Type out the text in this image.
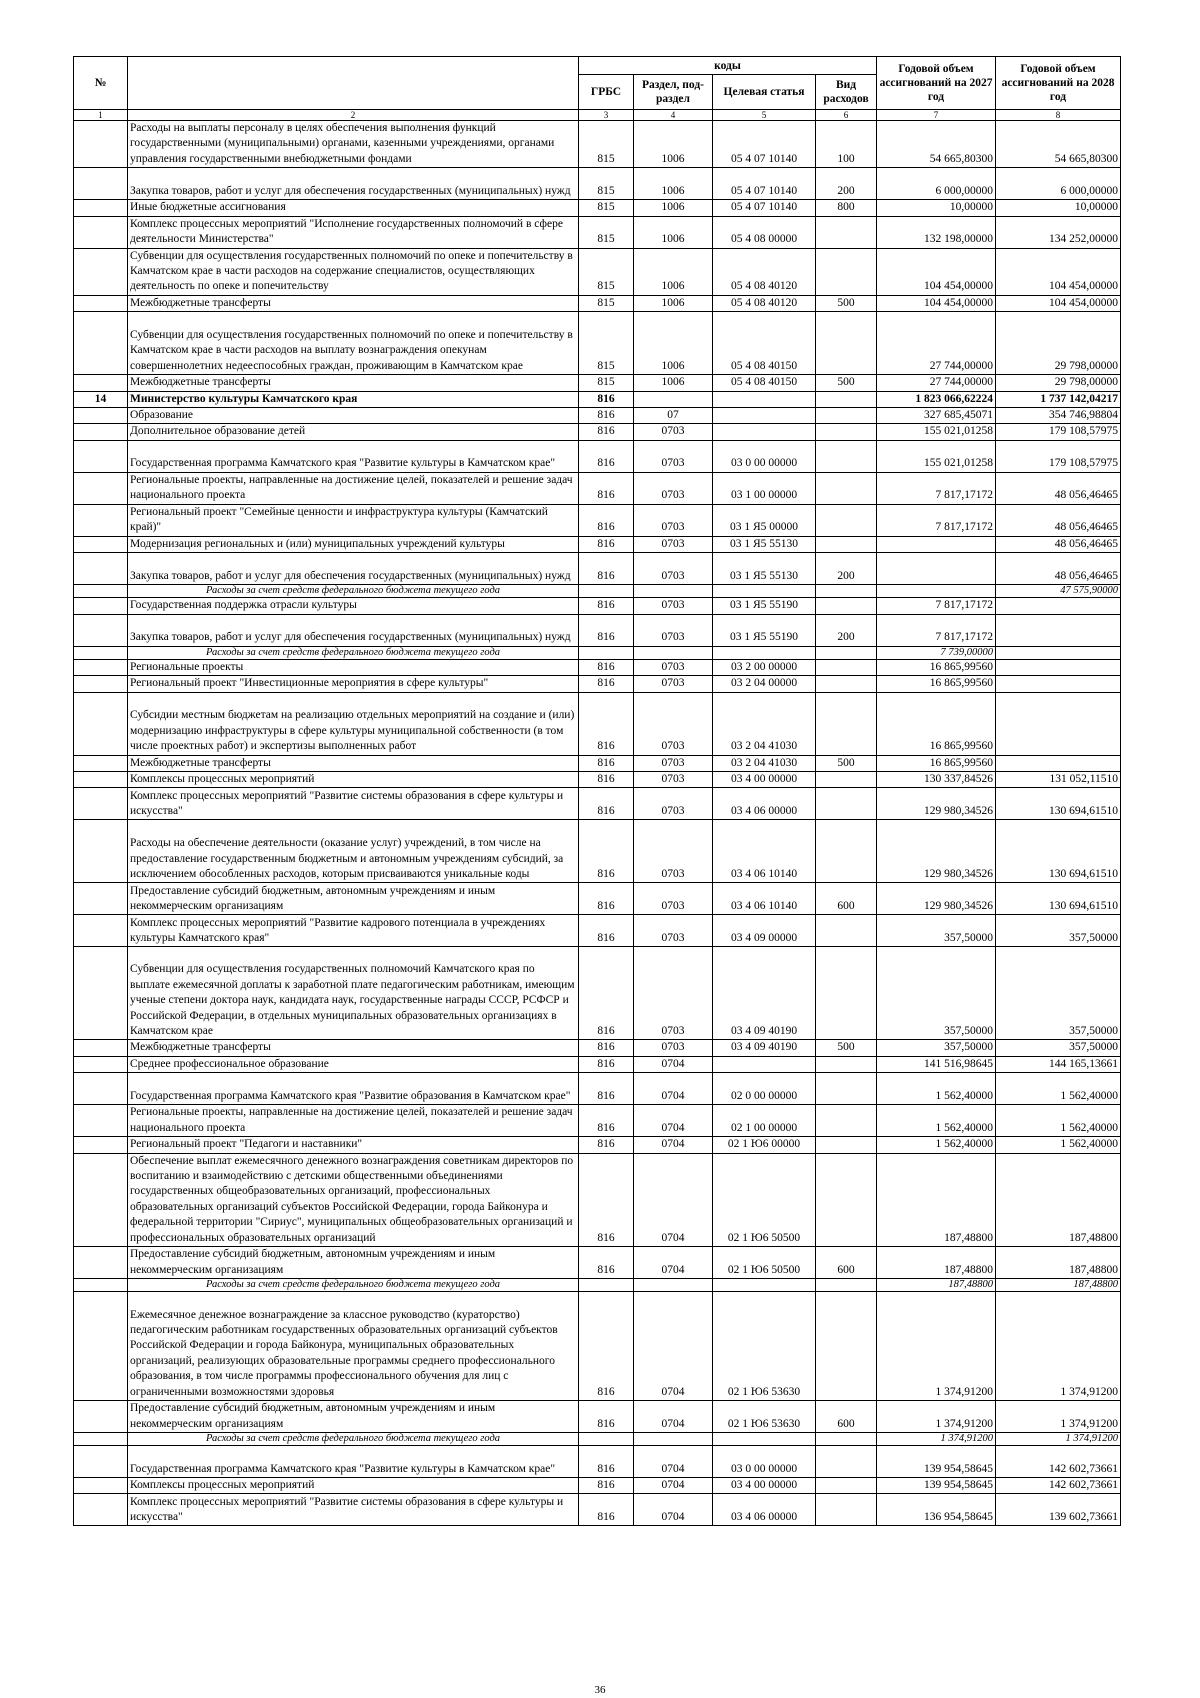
№		коды				Годовой объем ассигнований на 2027 год	Годовой объем ассигнований на 2028 год
		ГРБС	Раздел, под-раздел	Целевая статья	Вид расходов		
1	2	3	4	5	6	7	8
	Расходы на выплаты персоналу в целях обеспечения выполнения функций государственными (муниципальными) органами, казенными учреждениями, органами управления государственными внебюджетными фондами	815	1006	05 4 07 10140	100	54 665,80300	54 665,80300
	Закупка товаров, работ и услуг для обеспечения государственных (муниципальных) нужд	815	1006	05 4 07 10140	200	6 000,00000	6 000,00000
	Иные бюджетные ассигнования	815	1006	05 4 07 10140	800	10,00000	10,00000
	Комплекс процессных мероприятий "Исполнение государственных полномочий в сфере деятельности Министерства"	815	1006	05 4 08 00000		132 198,00000	134 252,00000
	Субвенции для осуществления государственных полномочий по опеке и попечительству в Камчатском крае в части расходов на содержание специалистов, осуществляющих деятельность по опеке и попечительству	815	1006	05 4 08 40120		104 454,00000	104 454,00000
	Межбюджетные трансферты	815	1006	05 4 08 40120	500	104 454,00000	104 454,00000
	Субвенции для осуществления государственных полномочий по опеке и попечительству в Камчатском крае в части расходов на выплату вознаграждения опекунам совершеннолетних недееспособных граждан, проживающим в Камчатском крае	815	1006	05 4 08 40150		27 744,00000	29 798,00000
	Межбюджетные трансферты	815	1006	05 4 08 40150	500	27 744,00000	29 798,00000
14	Министерство культуры Камчатского края	816				1 823 066,62224	1 737 142,04217
	Образование	816	07			327 685,45071	354 746,98804
	Дополнительное образование детей	816	0703			155 021,01258	179 108,57975
	Государственная программа Камчатского края "Развитие культуры в Камчатском крае"	816	0703	03 0 00 00000		155 021,01258	179 108,57975
	Региональные проекты, направленные на достижение целей, показателей и решение задач национального проекта	816	0703	03 1 00 00000		7 817,17172	48 056,46465
	Региональный проект "Семейные ценности и инфраструктура культуры (Камчатский край)"	816	0703	03 1 Я5 00000		7 817,17172	48 056,46465
	Модернизация региональных и (или) муниципальных учреждений культуры	816	0703	03 1 Я5 55130			48 056,46465
	Закупка товаров, работ и услуг для обеспечения государственных (муниципальных) нужд	816	0703	03 1 Я5 55130	200		48 056,46465
	Расходы за счет средств федерального бюджета текущего года						47 575,90000
	Государственная поддержка отрасли культуры	816	0703	03 1 Я5 55190		7 817,17172	
	Закупка товаров, работ и услуг для обеспечения государственных (муниципальных) нужд	816	0703	03 1 Я5 55190	200	7 817,17172	
	Расходы за счет средств федерального бюджета текущего года					7 739,00000	
	Региональные проекты	816	0703	03 2 00 00000		16 865,99560	
	Региональный проект "Инвестиционные мероприятия в сфере культуры"	816	0703	03 2 04 00000		16 865,99560	
	Субсидии местным бюджетам на реализацию отдельных мероприятий на создание и (или) модернизацию инфраструктуры в сфере культуры муниципальной собственности (в том числе проектных работ) и экспертизы выполненных работ	816	0703	03 2 04 41030		16 865,99560	
	Межбюджетные трансферты	816	0703	03 2 04 41030	500	16 865,99560	
	Комплексы процессных мероприятий	816	0703	03 4 00 00000		130 337,84526	131 052,11510
	Комплекс процессных мероприятий "Развитие системы образования в сфере культуры и искусства"	816	0703	03 4 06 00000		129 980,34526	130 694,61510
	Расходы на обеспечение деятельности (оказание услуг) учреждений, в том числе на предоставление государственным бюджетным и автономным учреждениям субсидий, за исключением обособленных расходов, которым присваиваются уникальные коды	816	0703	03 4 06 10140		129 980,34526	130 694,61510
	Предоставление субсидий бюджетным, автономным учреждениям и иным некоммерческим организациям	816	0703	03 4 06 10140	600	129 980,34526	130 694,61510
	Комплекс процессных мероприятий "Развитие кадрового потенциала в учреждениях культуры Камчатского края"	816	0703	03 4 09 00000		357,50000	357,50000
	Субвенции для осуществления государственных полномочий Камчатского края по выплате ежемесячной доплаты к заработной плате педагогическим работникам, имеющим ученые степени доктора наук, кандидата наук, государственные награды СССР, РСФСР и Российской Федерации, в отдельных муниципальных образовательных организациях в Камчатском крае	816	0703	03 4 09 40190		357,50000	357,50000
	Межбюджетные трансферты	816	0703	03 4 09 40190	500	357,50000	357,50000
	Среднее профессиональное образование	816	0704			141 516,98645	144 165,13661
	Государственная программа Камчатского края "Развитие образования в Камчатском крае"	816	0704	02 0 00 00000		1 562,40000	1 562,40000
	Региональные проекты, направленные на достижение целей, показателей и решение задач национального проекта	816	0704	02 1 00 00000		1 562,40000	1 562,40000
	Региональный проект "Педагоги и наставники"	816	0704	02 1 Ю6 00000		1 562,40000	1 562,40000
	Обеспечение выплат ежемесячного денежного вознаграждения советникам директоров по воспитанию и взаимодействию с детскими общественными объединениями государственных общеобразовательных организаций, профессиональных образовательных организаций субъектов Российской Федерации, города Байконура и федеральной территории "Сириус", муниципальных общеобразовательных организаций и профессиональных образовательных организаций	816	0704	02 1 Ю6 50500		187,48800	187,48800
	Предоставление субсидий бюджетным, автономным учреждениям и иным некоммерческим организациям	816	0704	02 1 Ю6 50500	600	187,48800	187,48800
	Расходы за счет средств федерального бюджета текущего года					187,48800	187,48800
	Ежемесячное денежное вознаграждение за классное руководство (кураторство) педагогическим работникам государственных образовательных организаций субъектов Российской Федерации и города Байконура, муниципальных образовательных организаций, реализующих образовательные программы среднего профессионального образования, в том числе программы профессионального обучения для лиц с ограниченными возможностями здоровья	816	0704	02 1 Ю6 53630		1 374,91200	1 374,91200
	Предоставление субсидий бюджетным, автономным учреждениям и иным некоммерческим организациям	816	0704	02 1 Ю6 53630	600	1 374,91200	1 374,91200
	Расходы за счет средств федерального бюджета текущего года					1 374,91200	1 374,91200
	Государственная программа Камчатского края "Развитие культуры в Камчатском крае"	816	0704	03 0 00 00000		139 954,58645	142 602,73661
	Комплексы процессных мероприятий	816	0704	03 4 00 00000		139 954,58645	142 602,73661
	Комплекс процессных мероприятий "Развитие системы образования в сфере культуры и искусства"	816	0704	03 4 06 00000		136 954,58645	139 602,73661
36
